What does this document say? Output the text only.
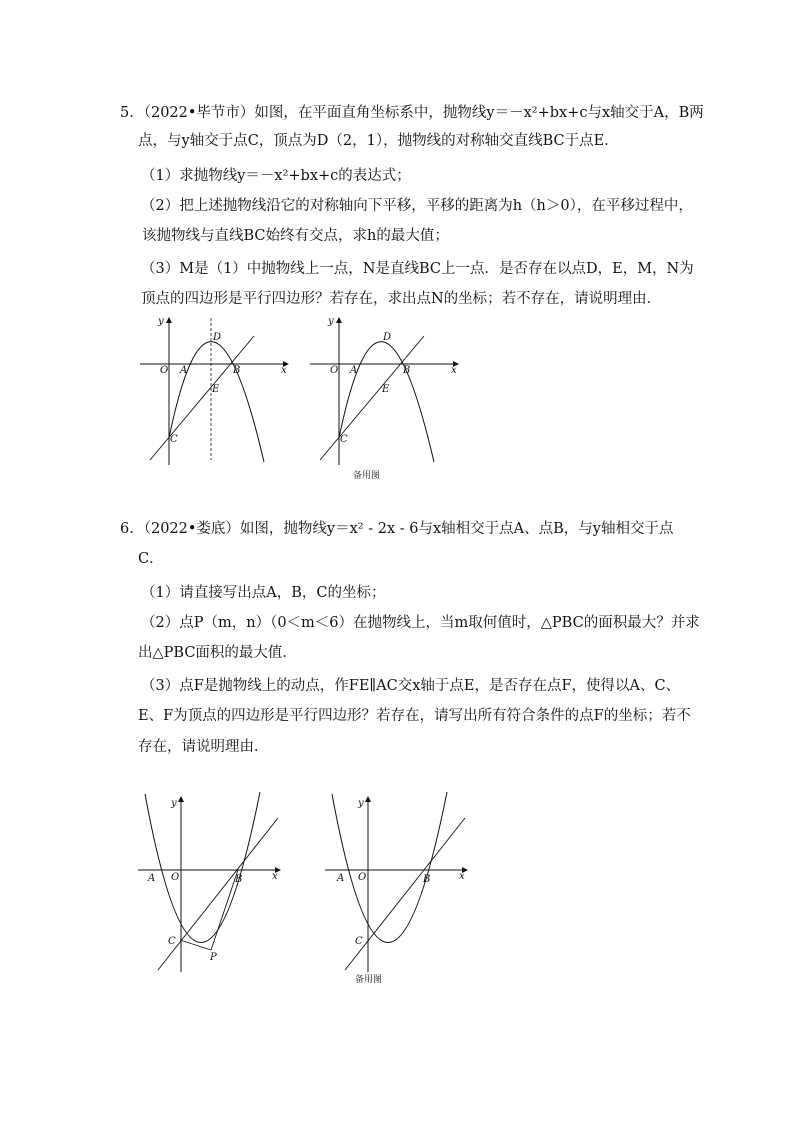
5．（2022•毕节市）如图，在平面直角坐标系中，抛物线y＝－x²+bx+c与x轴交于A，B两
点，与y轴交于点C，顶点为D（2，1），抛物线的对称轴交直线BC于点E．
（1）求抛物线y＝－x²+bx+c的表达式；
（2）把上述抛物线沿它的对称轴向下平移，平移的距离为h（h＞0），在平移过程中，
该抛物线与直线BC始终有交点，求h的最大值；
（3）M是（1）中抛物线上一点，N是直线BC上一点．是否存在以点D，E，M，N为
顶点的四边形是平行四边形？若存在，求出点N的坐标；若不存在，请说明理由．
y
x
O A	B
C
D
E
y
x
O A	B
C
D
E
备用图
6．（2022•娄底）如图，抛物线y＝x² - 2x - 6与x轴相交于点A、点B，与y轴相交于点
C．
（1）请直接写出点A，B，C的坐标；
（2）点P（m，n）（0＜m＜6）在抛物线上，当m取何值时，△PBC的面积最大？并求
出△PBC面积的最大值．
（3）点F是抛物线上的动点，作FE∥AC交x轴于点E，是否存在点F，使得以A、C、
E、F为顶点的四边形是平行四边形？若存在，请写出所有符合条件的点F的坐标；若不
存在，请说明理由．
y
x
O
A	B
C
P
y
x
O
A	B
C
备用图
